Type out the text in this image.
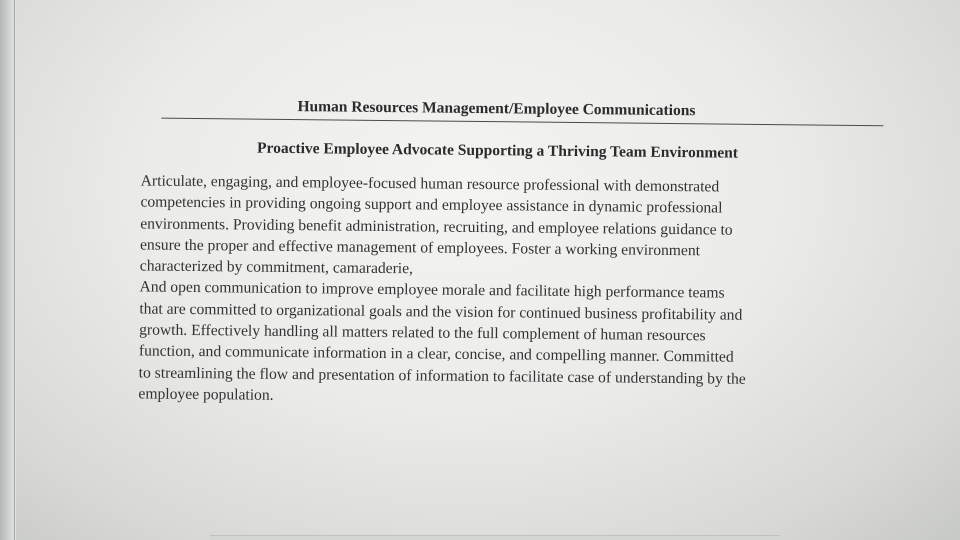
Human Resources Management/Employee Communications
Proactive Employee Advocate Supporting a Thriving Team Environment
Articulate, engaging, and employee-focused human resource professional with demonstrated
competencies in providing ongoing support and employee assistance in dynamic professional
environments. Providing benefit administration, recruiting, and employee relations guidance to
ensure the proper and effective management of employees. Foster a working environment
characterized by commitment, camaraderie,
And open communication to improve employee morale and facilitate high performance teams
that are committed to organizational goals and the vision for continued business profitability and
growth. Effectively handling all matters related to the full complement of human resources
function, and communicate information in a clear, concise, and compelling manner. Committed
to streamlining the flow and presentation of information to facilitate case of understanding by the
employee population.
